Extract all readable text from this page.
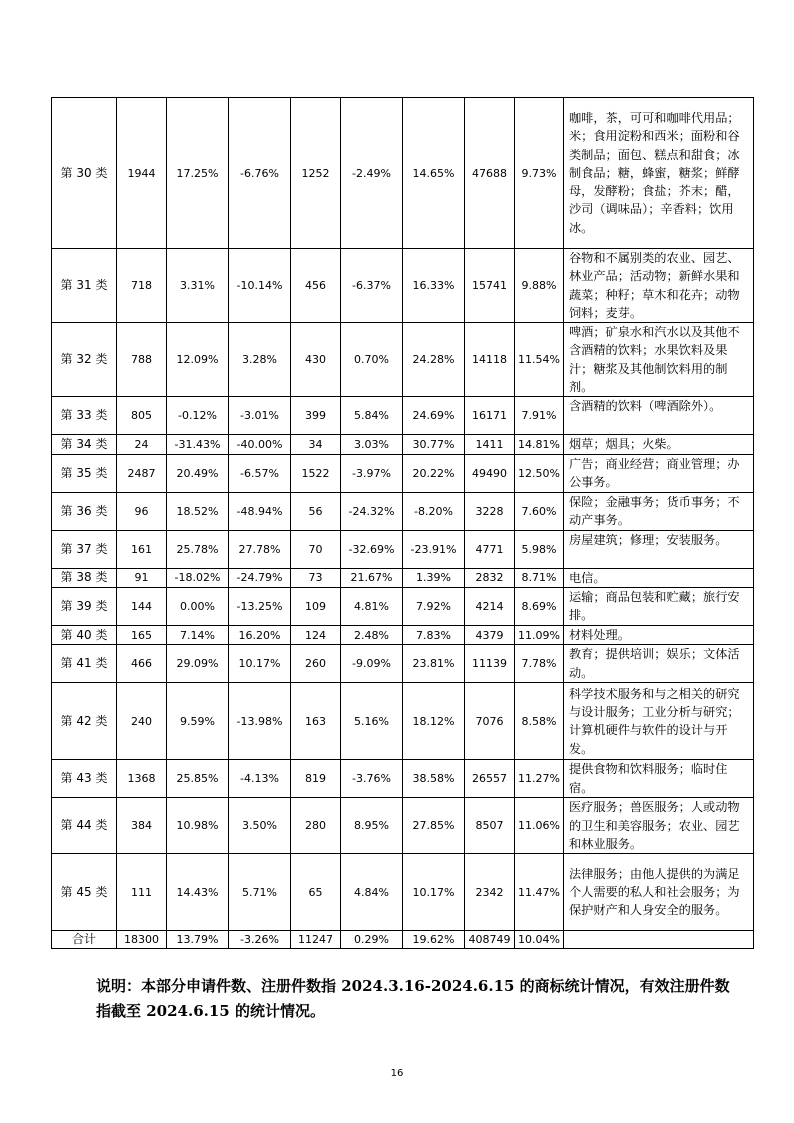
第 30 类	1944	17.25%	-6.76%	1252	-2.49%	14.65%	47688	9.73%	咖啡，茶，可可和咖啡代用品；米；食用淀粉和西米；面粉和谷类制品；面包、糕点和甜食；冰制食品；糖，蜂蜜，糖浆；鲜酵母，发酵粉；食盐；芥末；醋，沙司（调味品）；辛香料；饮用冰。
第 31 类	718	3.31%	-10.14%	456	-6.37%	16.33%	15741	9.88%	谷物和不属别类的农业、园艺、林业产品；活动物；新鲜水果和蔬菜；种籽；草木和花卉；动物饲料；麦芽。
第 32 类	788	12.09%	3.28%	430	0.70%	24.28%	14118	11.54%	啤酒；矿泉水和汽水以及其他不含酒精的饮料；水果饮料及果汁；糖浆及其他制饮料用的制剂。
第 33 类	805	-0.12%	-3.01%	399	5.84%	24.69%	16171	7.91%	含酒精的饮料（啤酒除外）。
第 34 类	24	-31.43%	-40.00%	34	3.03%	30.77%	1411	14.81%	烟草；烟具；火柴。
第 35 类	2487	20.49%	-6.57%	1522	-3.97%	20.22%	49490	12.50%	广告；商业经营；商业管理；办公事务。
第 36 类	96	18.52%	-48.94%	56	-24.32%	-8.20%	3228	7.60%	保险；金融事务；货币事务；不动产事务。
第 37 类	161	25.78%	27.78%	70	-32.69%	-23.91%	4771	5.98%	房屋建筑；修理；安装服务。
第 38 类	91	-18.02%	-24.79%	73	21.67%	1.39%	2832	8.71%	电信。
第 39 类	144	0.00%	-13.25%	109	4.81%	7.92%	4214	8.69%	运输；商品包装和贮藏；旅行安排。
第 40 类	165	7.14%	16.20%	124	2.48%	7.83%	4379	11.09%	材料处理。
第 41 类	466	29.09%	10.17%	260	-9.09%	23.81%	11139	7.78%	教育；提供培训；娱乐；文体活动。
第 42 类	240	9.59%	-13.98%	163	5.16%	18.12%	7076	8.58%	科学技术服务和与之相关的研究与设计服务；工业分析与研究；计算机硬件与软件的设计与开发。
第 43 类	1368	25.85%	-4.13%	819	-3.76%	38.58%	26557	11.27%	提供食物和饮料服务；临时住宿。
第 44 类	384	10.98%	3.50%	280	8.95%	27.85%	8507	11.06%	医疗服务；兽医服务；人或动物的卫生和美容服务；农业、园艺和林业服务。
第 45 类	111	14.43%	5.71%	65	4.84%	10.17%	2342	11.47%	法律服务；由他人提供的为满足个人需要的私人和社会服务；为保护财产和人身安全的服务。
合计	18300	13.79%	-3.26%	11247	0.29%	19.62%	408749	10.04%	
说明：本部分申请件数、注册件数指 2024.3.16-2024.6.15 的商标统计情况，有效注册件数指截至 2024.6.15 的统计情况。
16
